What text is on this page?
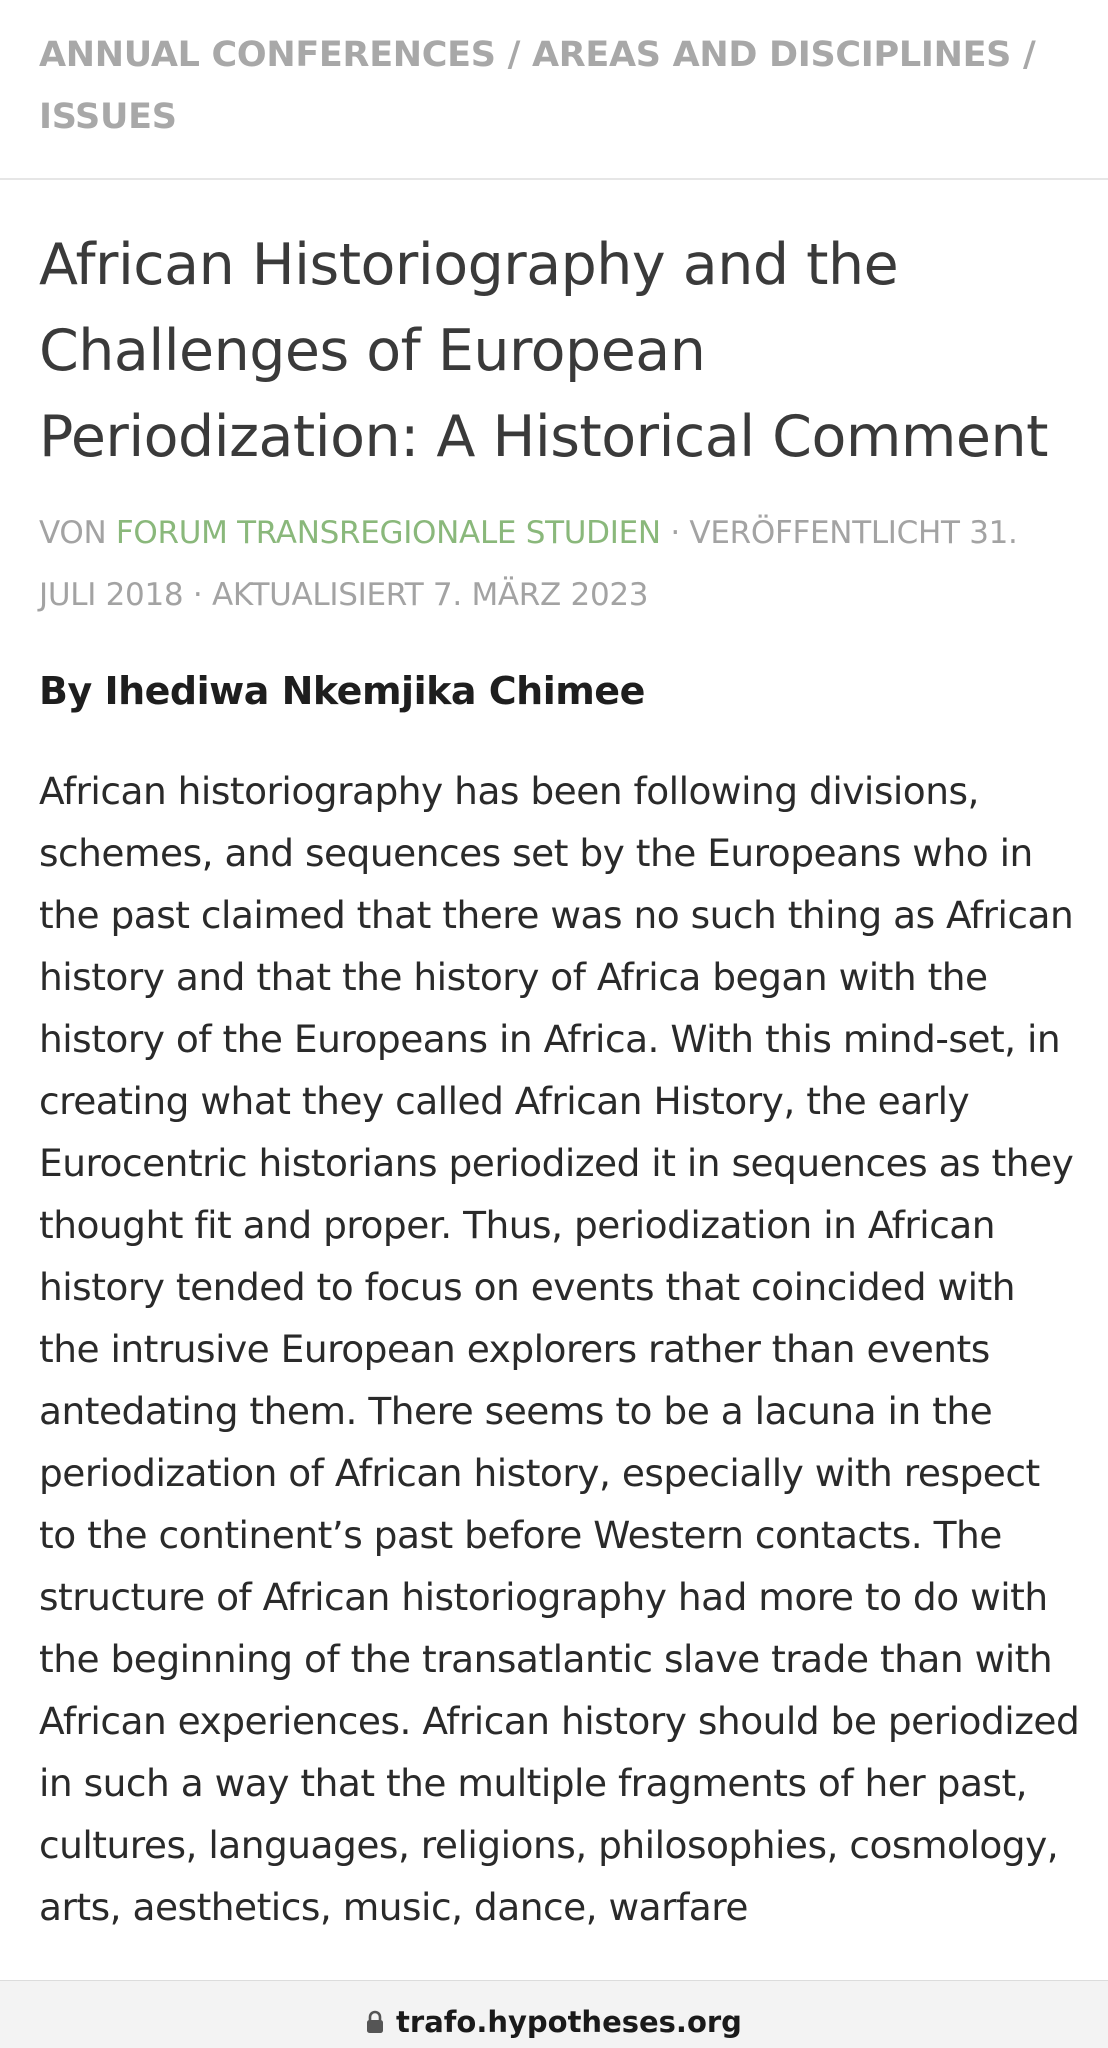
ANNUAL CONFERENCES / AREAS AND DISCIPLINES /
ISSUES
African Historiography and the Challenges of European Periodization: A Historical Comment
VON FORUM TRANSREGIONALE STUDIEN · VERÖFFENTLICHT 31. JULI 2018 · AKTUALISIERT 7. MÄRZ 2023
By Ihediwa Nkemjika Chimee

African historiography has been following divisions, schemes, and sequences set by the Europeans who in the past claimed that there was no such thing as African history and that the history of Africa began with the history of the Europeans in Africa. With this mind-set, in creating what they called African History, the early Eurocentric historians periodized it in sequences as they thought fit and proper. Thus, periodization in African history tended to focus on events that coincided with the intrusive European explorers rather than events antedating them. There seems to be a lacuna in the periodization of African history, especially with respect to the continent’s past before Western contacts. The structure of African historiography had more to do with the beginning of the transatlantic slave trade than with African experiences. African history should be periodized in such a way that the multiple fragments of her past, cultures, languages, religions, philosophies, cosmology, arts, aesthetics, music, dance, warfare

trafo.hypotheses.org
